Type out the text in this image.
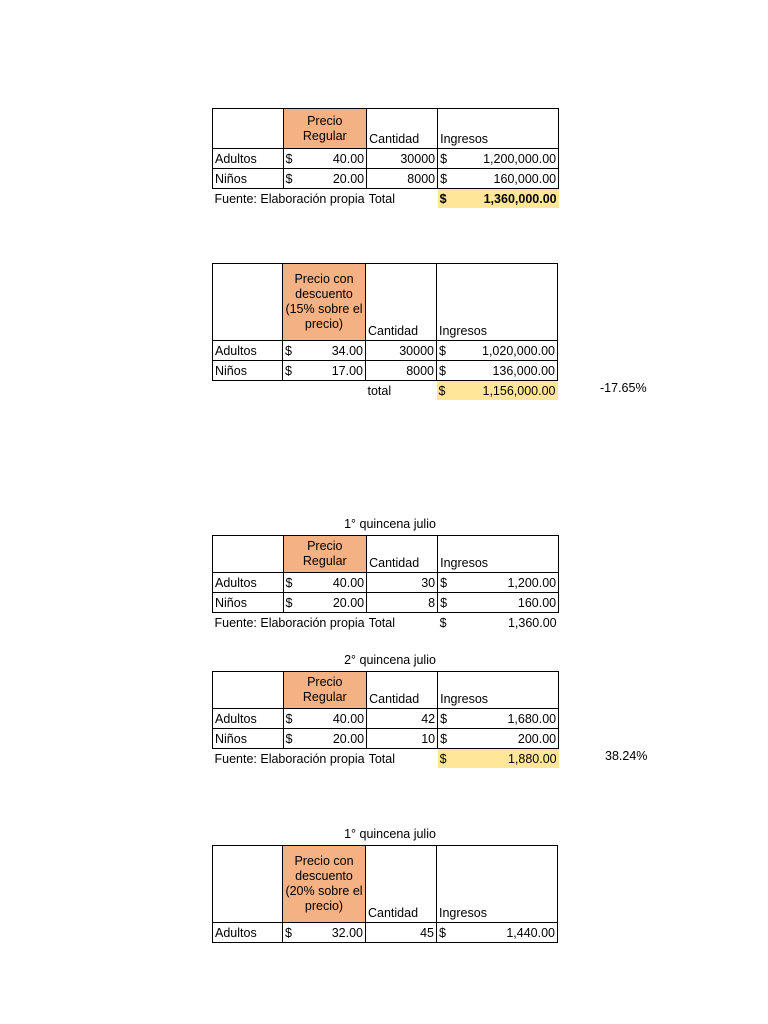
	Precio Regular	Cantidad	Ingresos
Adultos	$ 40.00	30000	$ 1,200,000.00

Niños	$ 20.00	8000	$ 160,000.00

Fuente: Elaboración propia		Total	$ 1,360,000.00
	Precio con descuento (15% sobre el precio)	Cantidad	Ingresos
Adultos	$ 34.00	30000	$ 1,020,000.00

Niños	$ 17.00	8000	$ 136,000.00

		total	$ 1,156,000.00	-17.65%
1° quincena julio
	Precio Regular	Cantidad	Ingresos
Adultos	$ 40.00	30	$ 1,200.00

Niños	$ 20.00	8	$ 160.00

Fuente: Elaboración propia		Total	$ 1,360.00
2° quincena julio
	Precio Regular	Cantidad	Ingresos
Adultos	$ 40.00	42	$ 1,680.00

Niños	$ 20.00	10	$ 200.00

Fuente: Elaboración propia		Total	$ 1,880.00	38.24%
1° quincena julio
	Precio con descuento (20% sobre el precio)	Cantidad	Ingresos
Adultos	$ 32.00	45	$ 1,440.00
